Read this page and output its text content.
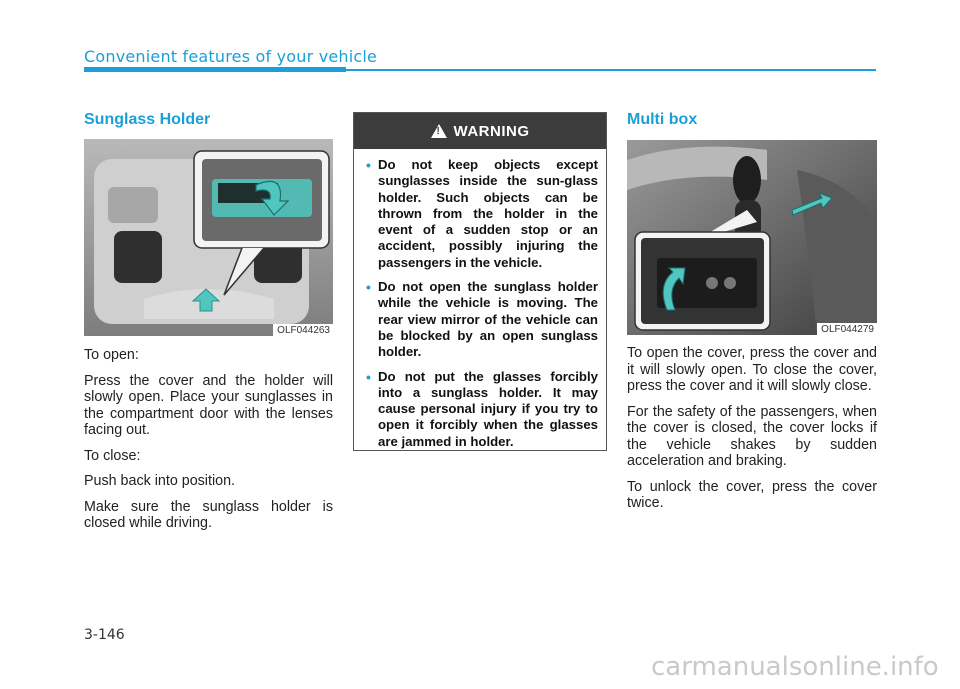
Convenient features of your vehicle
Sunglass Holder
OLF044263

To open:

Press the cover and the holder will slowly open. Place your sunglasses in the compartment door with the lenses facing out.

To close:

Push back into position.

Make sure the sunglass holder is closed while driving.

! WARNING
• Do not keep objects except sunglasses inside the sun-glass holder. Such objects can be thrown from the holder in the event of a sudden stop or an accident, possibly injuring the passengers in the vehicle.
• Do not open the sunglass holder while the vehicle is moving. The rear view mirror of the vehicle can be blocked by an open sunglass holder.
• Do not put the glasses forcibly into a sunglass holder. It may cause personal injury if you try to open it forcibly when the glasses are jammed in holder.
Multi box
OLF044279

To open the cover, press the cover and it will slowly open. To close the cover, press the cover and it will slowly close.

For the safety of the passengers, when the cover is closed, the cover locks if the vehicle shakes by sudden acceleration and braking.

To unlock the cover, press the cover twice.

3-146
carmanualsonline.info
